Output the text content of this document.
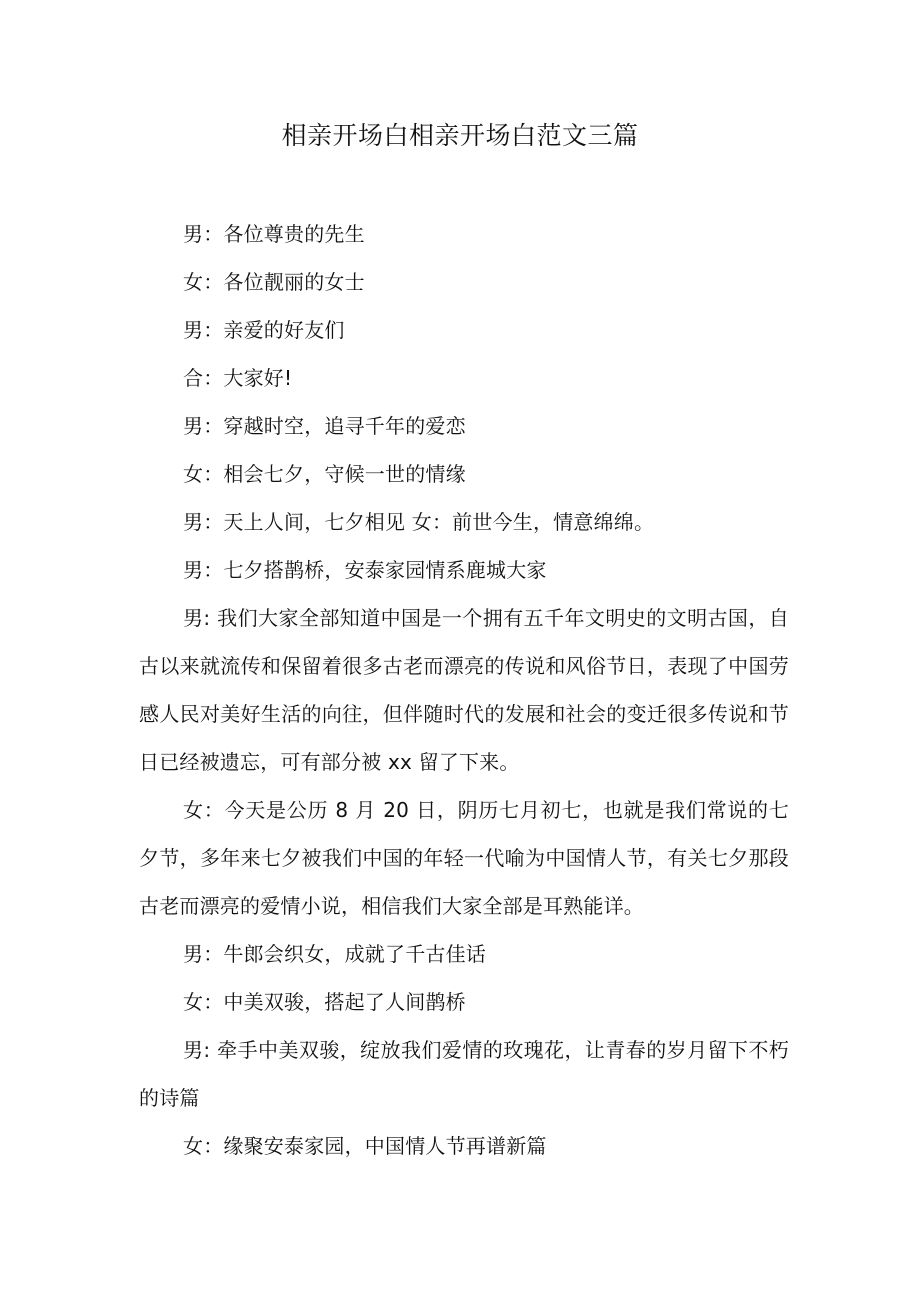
相亲开场白相亲开场白范文三篇

男：各位尊贵的先生

女：各位靓丽的女士

男：亲爱的好友们

合：大家好!

男：穿越时空，追寻千年的爱恋

女：相会七夕，守候一世的情缘

男：天上人间，七夕相见 女：前世今生，情意绵绵。

男：七夕搭鹊桥，安泰家园情系鹿城大家

男: 我们大家全部知道中国是一个拥有五千年文明史的文明古国，自古以来就流传和保留着很多古老而漂亮的传说和风俗节日，表现了中国劳感人民对美好生活的向往，但伴随时代的发展和社会的变迁很多传说和节日已经被遗忘，可有部分被 xx 留了下来。

女：今天是公历 8 月 20 日，阴历七月初七，也就是我们常说的七夕节，多年来七夕被我们中国的年轻一代喻为中国情人节，有关七夕那段古老而漂亮的爱情小说，相信我们大家全部是耳熟能详。

男：牛郎会织女，成就了千古佳话

女：中美双骏，搭起了人间鹊桥

男: 牵手中美双骏，绽放我们爱情的玫瑰花，让青春的岁月留下不朽的诗篇

女：缘聚安泰家园，中国情人节再谱新篇
